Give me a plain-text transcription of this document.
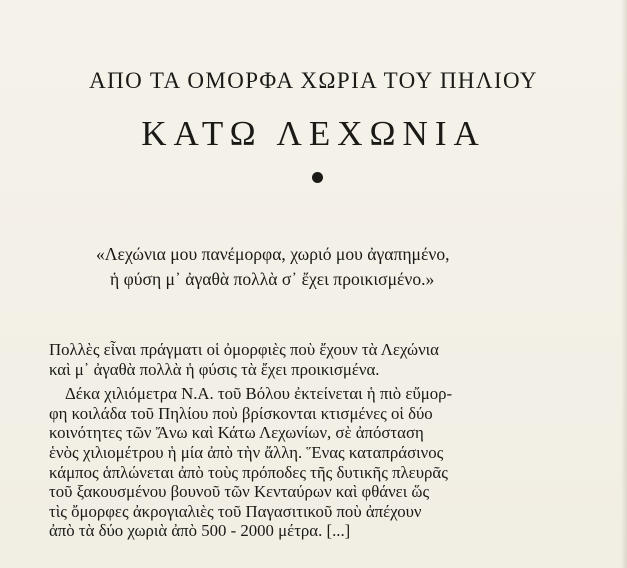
ΑΠΟ ΤΑ ΟΜΟΡΦΑ ΧΩΡΙΑ ΤΟΥ ΠΗΛΙΟΥ
ΚΑΤΩ ΛΕΧΩΝΙΑ
«Λεχώνια μου πανέμορφα, χωριό μου ἀγαπημένο,
ἡ φύση μ᾽ ἀγαθὰ πολλὰ σ᾽ ἔχει προικισμένο.»
Πολλὲς εἶναι πράγματι οἱ ὀμορφιὲς ποὺ ἔχουν τὰ Λεχώνια
καὶ μ᾽ ἀγαθὰ πολλὰ ἡ φύσις τὰ ἔχει προικισμένα.
Δέκα χιλιόμετρα Ν.Α. τοῦ Βόλου ἐκτείνεται ἡ πιὸ εὔμορ-
φη κοιλάδα τοῦ Πηλίου ποὺ βρίσκονται κτισμένες οἱ δύο
κοινότητες τῶν Ἄνω καὶ Κάτω Λεχωνίων, σὲ ἀπόσταση
ἑνὸς χιλιομέτρου ἡ μία ἀπὸ τὴν ἄλλη. Ἕνας καταπράσινος
κάμπος ἁπλώνεται ἀπὸ τοὺς πρόποδες τῆς δυτικῆς πλευρᾶς
τοῦ ξακουσμένου βουνοῦ τῶν Κενταύρων καὶ φθάνει ὥς
τὶς ὄμορφες ἀκρογιαλιὲς τοῦ Παγασιτικοῦ ποὺ ἀπέχουν
ἀπὸ τὰ δύο χωριὰ ἀπὸ 500 - 2000 μέτρα. [...]
